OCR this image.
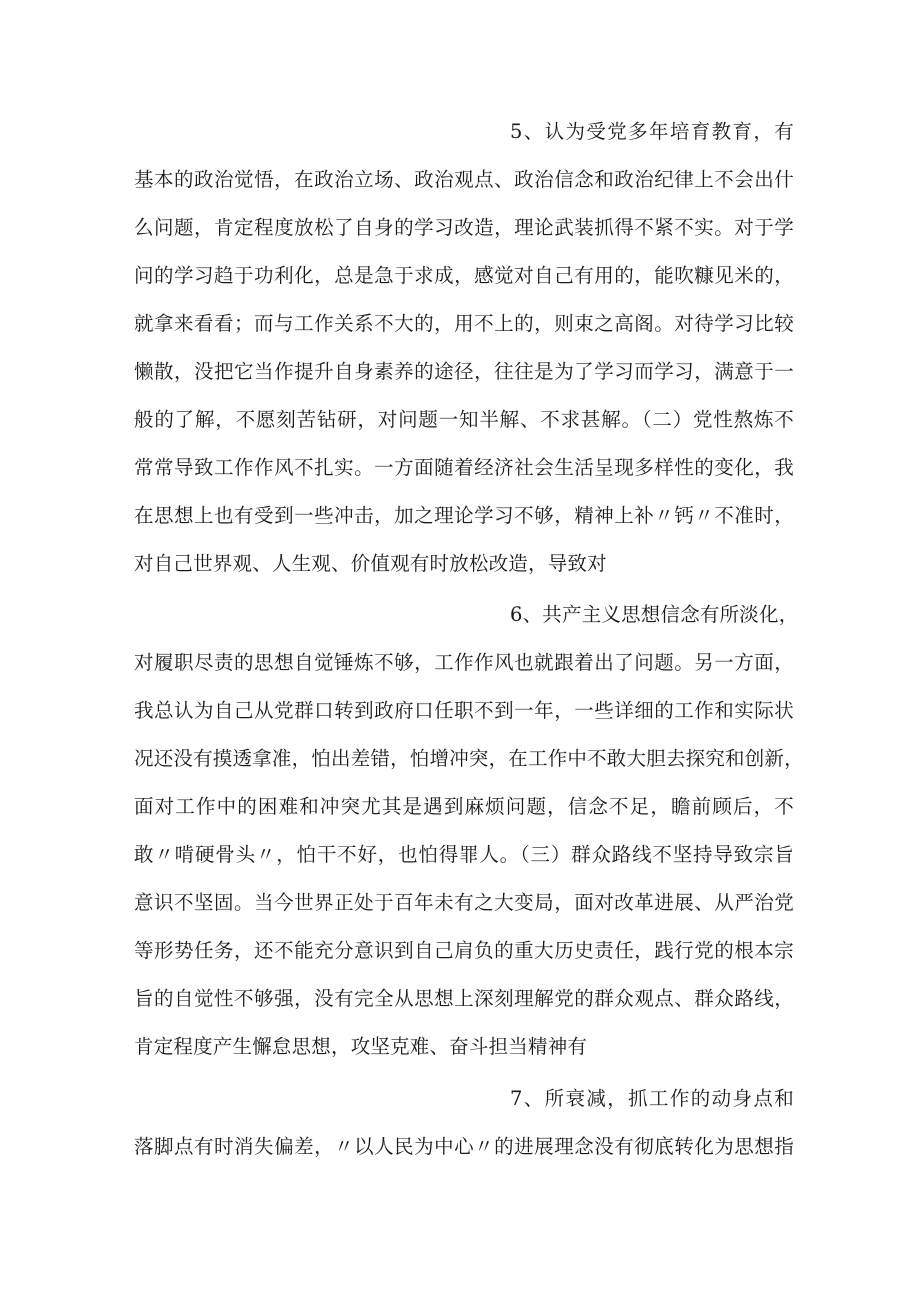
5、认为受党多年培育教育，有
基本的政治觉悟，在政治立场、政治观点、政治信念和政治纪律上不会出什
么问题，肯定程度放松了自身的学习改造，理论武装抓得不紧不实。对于学
问的学习趋于功利化，总是急于求成，感觉对自己有用的，能吹糠见米的，
就拿来看看；而与工作关系不大的，用不上的，则束之高阁。对待学习比较
懒散，没把它当作提升自身素养的途径，往往是为了学习而学习，满意于一
般的了解，不愿刻苦钻研，对问题一知半解、不求甚解。（二）党性熬炼不
常常导致工作作风不扎实。一方面随着经济社会生活呈现多样性的变化，我
在思想上也有受到一些冲击，加之理论学习不够，精神上补〃钙〃不准时，
对自己世界观、人生观、价值观有时放松改造，导致对
6、共产主义思想信念有所淡化，
对履职尽责的思想自觉锤炼不够，工作作风也就跟着出了问题。另一方面，
我总认为自己从党群口转到政府口任职不到一年，一些详细的工作和实际状
况还没有摸透拿准，怕出差错，怕增冲突，在工作中不敢大胆去探究和创新，
面对工作中的困难和冲突尤其是遇到麻烦问题，信念不足，瞻前顾后，不
敢〃啃硬骨头〃，怕干不好，也怕得罪人。（三）群众路线不坚持导致宗旨
意识不坚固。当今世界正处于百年未有之大变局，面对改革进展、从严治党
等形势任务，还不能充分意识到自己肩负的重大历史责任，践行党的根本宗
旨的自觉性不够强，没有完全从思想上深刻理解党的群众观点、群众路线，
肯定程度产生懈怠思想，攻坚克难、奋斗担当精神有
7、所衰减，抓工作的动身点和
落脚点有时消失偏差，〃以人民为中心〃的进展理念没有彻底转化为思想指
